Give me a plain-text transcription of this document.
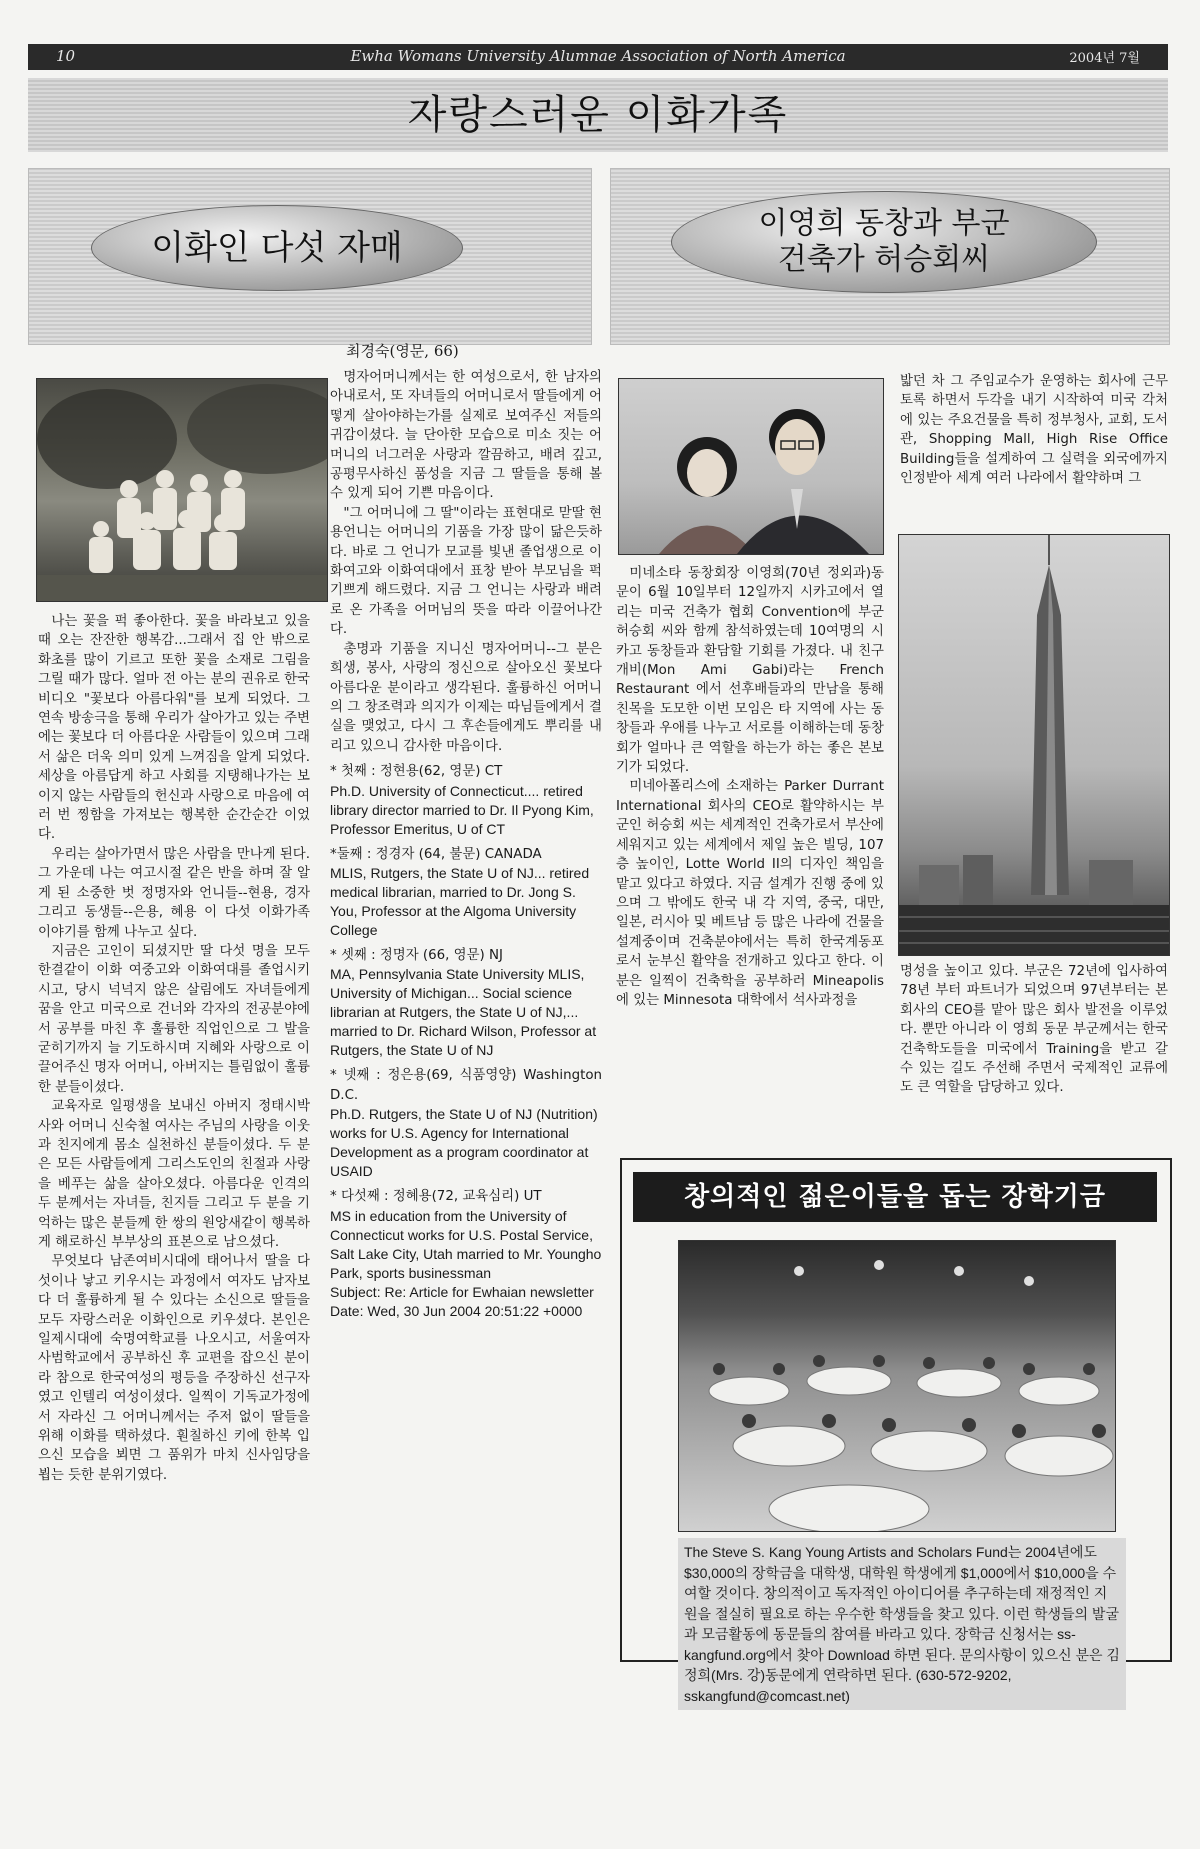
10	Ewha Womans University Alumnae Association of North America	2004년 7월
자랑스러운 이화가족
이화인 다섯 자매
이영희 동창과 부군
건축가 허승회씨
최경숙(영문, 66)

나는 꽃을 퍽 좋아한다. 꽃을 바라보고 있을 때 오는 잔잔한 행복감...그래서 집 안 밖으로 화초를 많이 기르고 또한 꽃을 소재로 그림을 그릴 때가 많다. 얼마 전 아는 분의 권유로 한국 비디오 "꽃보다 아름다워"를 보게 되었다. 그 연속 방송극을 통해 우리가 살아가고 있는 주변에는 꽃보다 더 아름다운 사람들이 있으며 그래서 삶은 더욱 의미 있게 느껴짐을 알게 되었다. 세상을 아름답게 하고 사회를 지탱해나가는 보이지 않는 사람들의 헌신과 사랑으로 마음에 여러 번 찡함을 가져보는 행복한 순간순간 이었다.

우리는 살아가면서 많은 사람을 만나게 된다. 그 가운데 나는 여고시절 같은 반을 하며 잘 알게 된 소중한 벗 정명자와 언니들--현용, 경자 그리고 동생들--은용, 혜용 이 다섯 이화가족 이야기를 함께 나누고 싶다.

지금은 고인이 되셨지만 딸 다섯 명을 모두 한결같이 이화 여중고와 이화여대를 졸업시키시고, 당시 넉넉지 않은 살림에도 자녀들에게 꿈을 안고 미국으로 건너와 각자의 전공분야에서 공부를 마친 후 훌륭한 직업인으로 그 발을 굳히기까지 늘 기도하시며 지혜와 사랑으로 이끌어주신 명자 어머니, 아버지는 틀림없이 훌륭한 분들이셨다.

교육자로 일평생을 보내신 아버지 정태시박사와 어머니 신숙철 여사는 주님의 사랑을 이웃과 친지에게 몸소 실천하신 분들이셨다. 두 분은 모든 사람들에게 그리스도인의 친절과 사랑을 베푸는 삶을 살아오셨다. 아름다운 인격의 두 분께서는 자녀들, 친지들 그리고 두 분을 기억하는 많은 분들께 한 쌍의 원앙새같이 행복하게 해로하신 부부상의 표본으로 남으셨다.

무엇보다 남존여비시대에 태어나서 딸을 다섯이나 낳고 키우시는 과정에서 여자도 남자보다 더 훌륭하게 될 수 있다는 소신으로 딸들을 모두 자랑스러운 이화인으로 키우셨다. 본인은 일제시대에 숙명여학교를 나오시고, 서울여자사범학교에서 공부하신 후 교편을 잡으신 분이라 참으로 한국여성의 평등을 주장하신 선구자였고 인텔리 여성이셨다. 일찍이 기독교가정에서 자라신 그 어머니께서는 주저 없이 딸들을 위해 이화를 택하셨다. 훤칠하신 키에 한복 입으신 모습을 뵈면 그 품위가 마치 신사임당을 뵙는 듯한 분위기였다.

명자어머니께서는 한 여성으로서, 한 남자의 아내로서, 또 자녀들의 어머니로서 딸들에게 어떻게 살아야하는가를 실제로 보여주신 저들의 귀감이셨다. 늘 단아한 모습으로 미소 짓는 어머니의 너그러운 사랑과 깔끔하고, 배려 깊고, 공평무사하신 품성을 지금 그 딸들을 통해 볼 수 있게 되어 기쁜 마음이다.

"그 어머니에 그 딸"이라는 표현대로 맏딸 현용언니는 어머니의 기품을 가장 많이 닮은듯하다. 바로 그 언니가 모교를 빛낸 졸업생으로 이화여고와 이화여대에서 표창 받아 부모님을 퍽 기쁘게 해드렸다. 지금 그 언니는 사랑과 배려로 온 가족을 어머님의 뜻을 따라 이끌어나간다.

총명과 기품을 지니신 명자어머니--그 분은 희생, 봉사, 사랑의 정신으로 살아오신 꽃보다 아름다운 분이라고 생각된다. 훌륭하신 어머니의 그 창조력과 의지가 이제는 따님들에게서 결실을 맺었고, 다시 그 후손들에게도 뿌리를 내리고 있으니 감사한 마음이다.

* 첫째 : 정현용(62, 영문) CT

Ph.D. University of Connecticut.... retired library director married to Dr. Il Pyong Kim, Professor Emeritus, U of CT

*둘째 : 정경자 (64, 불문) CANADA

MLIS, Rutgers, the State U of NJ... retired medical librarian, married to Dr. Jong S. You, Professor at the Algoma University College

* 셋째 : 정명자 (66, 영문) NJ

MA, Pennsylvania State University MLIS, University of Michigan... Social science librarian at Rutgers, the State U of NJ,... married to Dr. Richard Wilson, Professor at Rutgers, the State U of NJ

* 넷째 : 정은용(69, 식품영양) Washington D.C.

Ph.D. Rutgers, the State U of NJ (Nutrition) works for U.S. Agency for International Development as a program coordinator at USAID

* 다섯째 : 정혜용(72, 교육심리) UT

MS in education from the University of Connecticut works for U.S. Postal Service, Salt Lake City, Utah married to Mr. Youngho Park, sports businessman

Subject: Re: Article for Ewhaian newsletter

Date: Wed, 30 Jun 2004 20:51:22 +0000

미네소타 동창회장 이영희(70년 정외과)동문이 6월 10일부터 12일까지 시카고에서 열리는 미국 건축가 협회 Convention에 부군 허승회 씨와 함께 참석하였는데 10여명의 시카고 동창들과 환담할 기회를 가졌다. 내 친구 개비(Mon Ami Gabi)라는 French Restaurant 에서 선후배들과의 만남을 통해 친목을 도모한 이번 모임은 타 지역에 사는 동창들과 우애를 나누고 서로를 이해하는데 동창회가 얼마나 큰 역할을 하는가 하는 좋은 본보기가 되었다.

미네아폴리스에 소재하는 Parker Durrant International 회사의 CEO로 활약하시는 부군인 허승회 씨는 세계적인 건축가로서 부산에 세워지고 있는 세계에서 제일 높은 빌딩, 107층 높이인, Lotte World II의 디자인 책임을 맡고 있다고 하였다. 지금 설계가 진행 중에 있으며 그 밖에도 한국 내 각 지역, 중국, 대만, 일본, 러시아 및 베트남 등 많은 나라에 건물을 설계중이며 건축분야에서는 특히 한국계동포로서 눈부신 활약을 전개하고 있다고 한다. 이분은 일찍이 건축학을 공부하러 Mineapolis에 있는 Minnesota 대학에서 석사과정을

밟던 차 그 주임교수가 운영하는 회사에 근무토록 하면서 두각을 내기 시작하여 미국 각처에 있는 주요건물을 특히 정부청사, 교회, 도서관, Shopping Mall, High Rise Office Building들을 설계하여 그 실력을 외국에까지 인정받아 세계 여러 나라에서 활약하며 그

명성을 높이고 있다. 부군은 72년에 입사하여 78년 부터 파트너가 되었으며 97년부터는 본 회사의 CEO를 맡아 많은 회사 발전을 이루었다. 뿐만 아니라 이 영희 동문 부군께서는 한국건축학도들을 미국에서 Training을 받고 갈 수 있는 길도 주선해 주면서 국제적인 교류에도 큰 역할을 담당하고 있다.

창의적인 젊은이들을 돕는 장학기금
The Steve S. Kang Young Artists and Scholars Fund는 2004년에도 $30,000의 장학금을 대학생, 대학원 학생에게 $1,000에서 $10,000을 수여할 것이다. 창의적이고 독자적인 아이디어를 추구하는데 재정적인 지원을 절실히 필요로 하는 우수한 학생들을 찾고 있다. 이런 학생들의 발굴과 모금활동에 동문들의 참여를 바라고 있다. 장학금 신청서는 ss-kangfund.org에서 찾아 Download 하면 된다. 문의사항이 있으신 분은 김정희(Mrs. 강)동문에게 연락하면 된다. (630-572-9202, sskangfund@comcast.net)
